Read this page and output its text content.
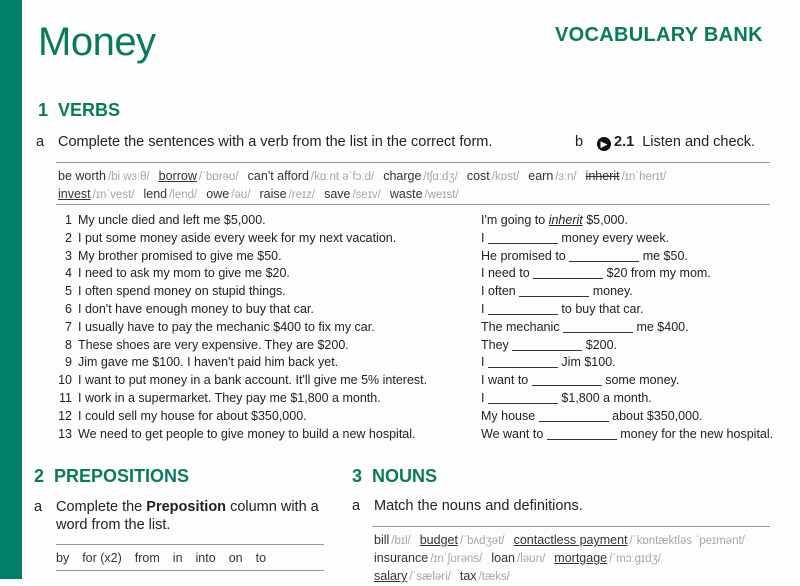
Money	VOCABULARY BANK
1 VERBS
a Complete the sentences with a verb from the list in the correct form.	b ▶ 2.1 Listen and check.
be worth /bi wɜːθ/ borrow /ˈbɒrəʊ/ can't afford /kɑːnt əˈfɔːd/ charge /tʃɑːdʒ/ cost /kɒst/ earn /ɜːn/ inherit /ɪnˈherɪt/
invest /ɪnˈvest/ lend /lend/ owe /əʊ/ raise /reɪz/ save /seɪv/ waste /weɪst/
1 My uncle died and left me $5,000.
2 I put some money aside every week for my next vacation.
3 My brother promised to give me $50.
4 I need to ask my mom to give me $20.
5 I often spend money on stupid things.
6 I don't have enough money to buy that car.
7 I usually have to pay the mechanic $400 to fix my car.
8 These shoes are very expensive. They are $200.
9 Jim gave me $100. I haven't paid him back yet.
10 I want to put money in a bank account. It'll give me 5% interest.
11 I work in a supermarket. They pay me $1,800 a month.
12 I could sell my house for about $350,000.
13 We need to get people to give money to build a new hospital.
I'm going to inherit $5,000.
I	money every week.
He promised to	me $50.
I need to	$20 from my mom.
I often	money.
I	to buy that car.
The mechanic	me $400.
They	$200.
I	Jim $100.
I want to	some money.
I	$1,800 a month.
My house	about $350,000.
We want to	money for the new hospital.
2 PREPOSITIONS
a Complete the Preposition column with a
word from the list.
by for (x2) from in into on to
3 NOUNS
a Match the nouns and definitions.
bill /bɪl/ budget /ˈbʌdʒət/ contactless payment /ˈkɒntæktləs ˈpeɪmənt/
insurance /ɪnˈʃʊrəns/ loan /ləʊn/ mortgage /ˈmɔːgɪdʒ/
salary /ˈsæləri/ tax /tæks/
